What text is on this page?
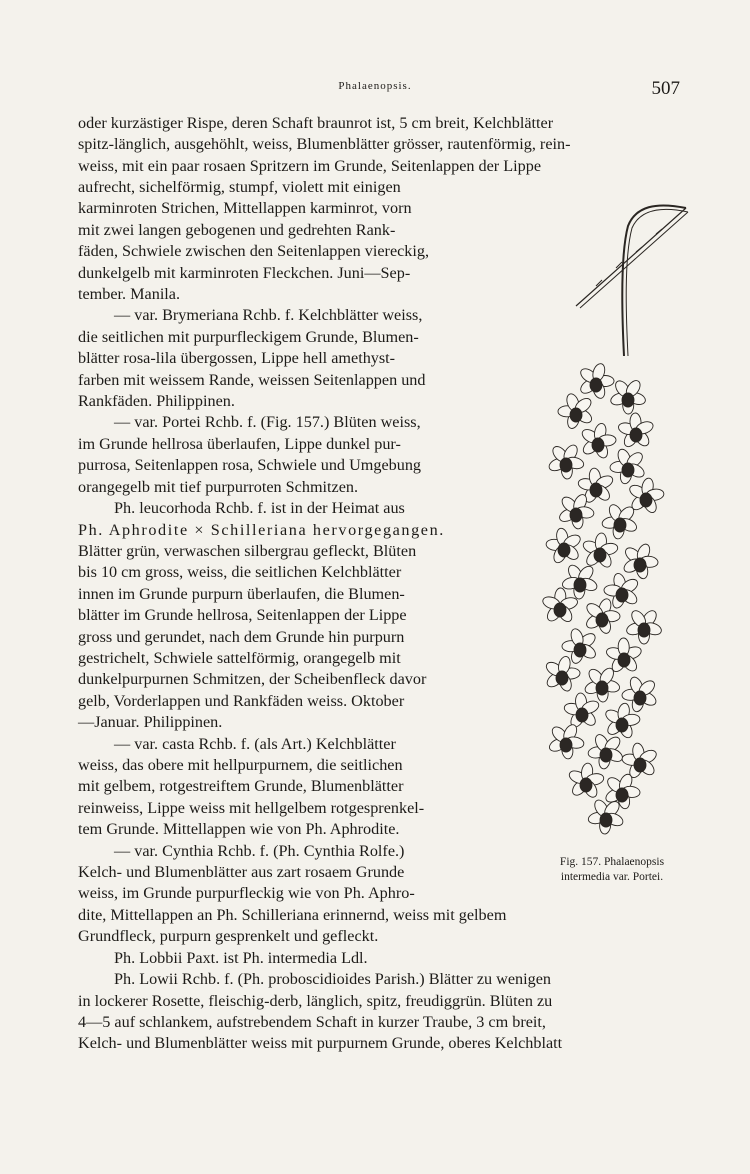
Phalaenopsis.	507
oder kurzästiger Rispe, deren Schaft braunrot ist, 5 cm breit, Kelchblätter
spitz-länglich, ausgehöhlt, weiss, Blumenblätter grösser, rautenförmig, rein-
weiss, mit ein paar rosaen Spritzern im Grunde, Seitenlappen der Lippe
aufrecht, sichelförmig, stumpf, violett mit einigen
karminroten Strichen, Mittellappen karminrot, vorn
mit zwei langen gebogenen und gedrehten Rank-
fäden, Schwiele zwischen den Seitenlappen viereckig,
dunkelgelb mit karminroten Fleckchen. Juni—Sep-
tember. Manila.
— var. Brymeriana Rchb. f. Kelchblätter weiss,
die seitlichen mit purpurfleckigem Grunde, Blumen-
blätter rosa-lila übergossen, Lippe hell amethyst-
farben mit weissem Rande, weissen Seitenlappen und
Rankfäden. Philippinen.
— var. Portei Rchb. f. (Fig. 157.) Blüten weiss,
im Grunde hellrosa überlaufen, Lippe dunkel pur-
purrosa, Seitenlappen rosa, Schwiele und Umgebung
orangegelb mit tief purpurroten Schmitzen.
Ph. leucorhoda Rchb. f. ist in der Heimat aus
Ph. Aphrodite × Schilleriana hervorgegangen.
Blätter grün, verwaschen silbergrau gefleckt, Blüten
bis 10 cm gross, weiss, die seitlichen Kelchblätter
innen im Grunde purpurn überlaufen, die Blumen-
blätter im Grunde hellrosa, Seitenlappen der Lippe
gross und gerundet, nach dem Grunde hin purpurn
gestrichelt, Schwiele sattelförmig, orangegelb mit
dunkelpurpurnen Schmitzen, der Scheibenfleck davor
gelb, Vorderlappen und Rankfäden weiss. Oktober
—Januar. Philippinen.
— var. casta Rchb. f. (als Art.) Kelchblätter
weiss, das obere mit hellpurpurnem, die seitlichen
mit gelbem, rotgestreiftem Grunde, Blumenblätter
reinweiss, Lippe weiss mit hellgelbem rotgesprenkel-
tem Grunde. Mittellappen wie von Ph. Aphrodite.
— var. Cynthia Rchb. f. (Ph. Cynthia Rolfe.)
Kelch- und Blumenblätter aus zart rosaem Grunde
weiss, im Grunde purpurfleckig wie von Ph. Aphro-
dite, Mittellappen an Ph. Schilleriana erinnernd, weiss mit gelbem
Grundfleck, purpurn gesprenkelt und gefleckt.
Ph. Lobbii Paxt. ist Ph. intermedia Ldl.
Ph. Lowii Rchb. f. (Ph. proboscidioides Parish.) Blätter zu wenigen
in lockerer Rosette, fleischig-derb, länglich, spitz, freudiggrün. Blüten zu
4—5 auf schlankem, aufstrebendem Schaft in kurzer Traube, 3 cm breit,
Kelch- und Blumenblätter weiss mit purpurnem Grunde, oberes Kelchblatt
Fig. 157. Phalaenopsis
intermedia var. Portei.
